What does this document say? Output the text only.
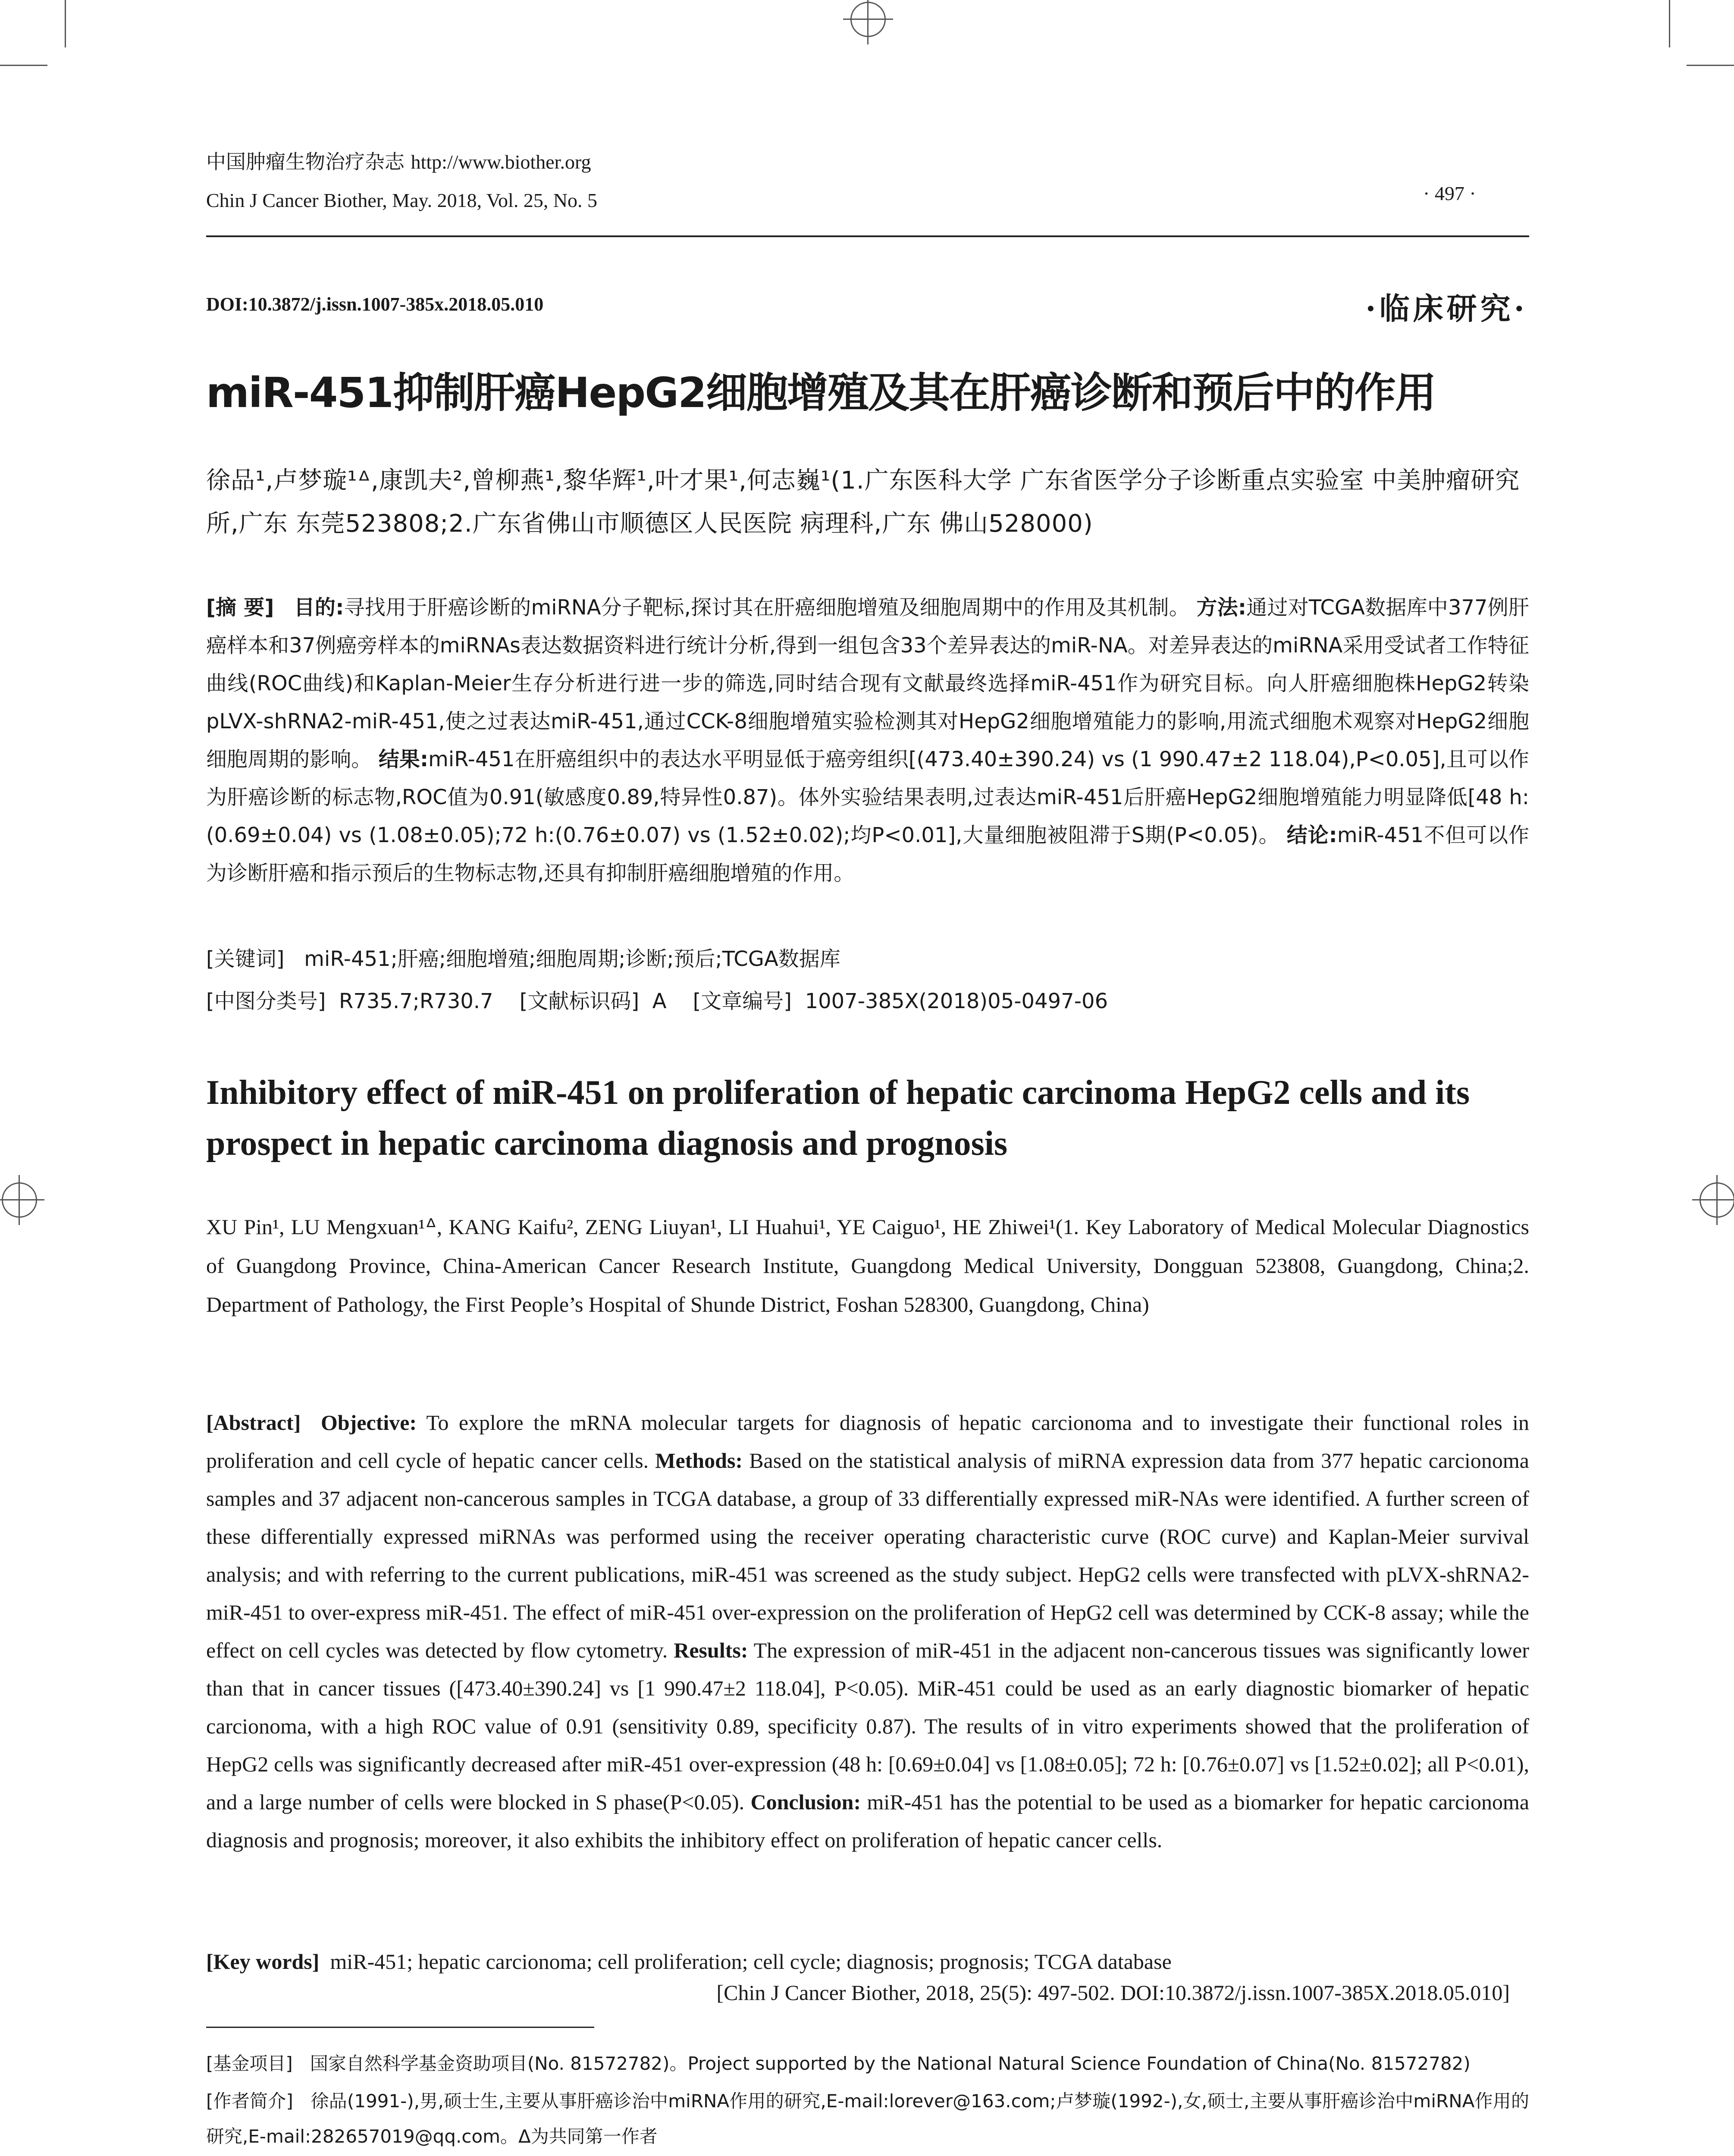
中国肿瘤生物治疗杂志 http://www.biother.org
Chin J Cancer Biother, May. 2018, Vol. 25, No. 5	· 497 ·
DOI:10.3872/j.issn.1007-385x.2018.05.010	·临床研究·
miR-451抑制肝癌HepG2细胞增殖及其在肝癌诊断和预后中的作用
徐品¹,卢梦璇¹ᐞ,康凯夫²,曾柳燕¹,黎华辉¹,叶才果¹,何志巍¹(1.广东医科大学 广东省医学分子诊断重点实验室 中美肿瘤研究所,广东 东莞523808;2.广东省佛山市顺德区人民医院 病理科,广东 佛山528000)
[摘 要] 目的:寻找用于肝癌诊断的miRNA分子靶标,探讨其在肝癌细胞增殖及细胞周期中的作用及其机制。 方法:通过对TCGA数据库中377例肝癌样本和37例癌旁样本的miRNAs表达数据资料进行统计分析,得到一组包含33个差异表达的miR-NA。对差异表达的miRNA采用受试者工作特征曲线(ROC曲线)和Kaplan-Meier生存分析进行进一步的筛选,同时结合现有文献最终选择miR-451作为研究目标。向人肝癌细胞株HepG2转染pLVX-shRNA2-miR-451,使之过表达miR-451,通过CCK-8细胞增殖实验检测其对HepG2细胞增殖能力的影响,用流式细胞术观察对HepG2细胞细胞周期的影响。 结果:miR-451在肝癌组织中的表达水平明显低于癌旁组织[(473.40±390.24) vs (1 990.47±2 118.04),P<0.05],且可以作为肝癌诊断的标志物,ROC值为0.91(敏感度0.89,特异性0.87)。体外实验结果表明,过表达miR-451后肝癌HepG2细胞增殖能力明显降低[48 h:(0.69±0.04) vs (1.08±0.05);72 h:(0.76±0.07) vs (1.52±0.02);均P<0.01],大量细胞被阻滞于S期(P<0.05)。 结论:miR-451不但可以作为诊断肝癌和指示预后的生物标志物,还具有抑制肝癌细胞增殖的作用。
[关键词] miR-451;肝癌;细胞增殖;细胞周期;诊断;预后;TCGA数据库
[中图分类号] R735.7;R730.7 [文献标识码] A [文章编号] 1007-385X(2018)05-0497-06
Inhibitory effect of miR-451 on proliferation of hepatic carcinoma HepG2 cells and its prospect in hepatic carcinoma diagnosis and prognosis
XU Pin¹, LU Mengxuan¹ᐞ, KANG Kaifu², ZENG Liuyan¹, LI Huahui¹, YE Caiguo¹, HE Zhiwei¹(1. Key Laboratory of Medical Molecular Diagnostics of Guangdong Province, China-American Cancer Research Institute, Guangdong Medical University, Dongguan 523808, Guangdong, China;2. Department of Pathology, the First People’s Hospital of Shunde District, Foshan 528300, Guangdong, China)
[Abstract] Objective: To explore the mRNA molecular targets for diagnosis of hepatic carcionoma and to investigate their functional roles in proliferation and cell cycle of hepatic cancer cells. Methods: Based on the statistical analysis of miRNA expression data from 377 hepatic carcionoma samples and 37 adjacent non-cancerous samples in TCGA database, a group of 33 differentially expressed miR-NAs were identified. A further screen of these differentially expressed miRNAs was performed using the receiver operating characteristic curve (ROC curve) and Kaplan-Meier survival analysis; and with referring to the current publications, miR-451 was screened as the study subject. HepG2 cells were transfected with pLVX-shRNA2-miR-451 to over-express miR-451. The effect of miR-451 over-expression on the proliferation of HepG2 cell was determined by CCK-8 assay; while the effect on cell cycles was detected by flow cytometry. Results: The expression of miR-451 in the adjacent non-cancerous tissues was significantly lower than that in cancer tissues ([473.40±390.24] vs [1 990.47±2 118.04], P<0.05). MiR-451 could be used as an early diagnostic biomarker of hepatic carcionoma, with a high ROC value of 0.91 (sensitivity 0.89, specificity 0.87). The results of in vitro experiments showed that the proliferation of HepG2 cells was significantly decreased after miR-451 over-expression (48 h: [0.69±0.04] vs [1.08±0.05]; 72 h: [0.76±0.07] vs [1.52±0.02]; all P<0.01), and a large number of cells were blocked in S phase(P<0.05). Conclusion: miR-451 has the potential to be used as a biomarker for hepatic carcionoma diagnosis and prognosis; moreover, it also exhibits the inhibitory effect on proliferation of hepatic cancer cells.
[Key words] miR-451; hepatic carcionoma; cell proliferation; cell cycle; diagnosis; prognosis; TCGA database
[Chin J Cancer Biother, 2018, 25(5): 497-502. DOI:10.3872/j.issn.1007-385X.2018.05.010]
[基金项目] 国家自然科学基金资助项目(No. 81572782)。Project supported by the National Natural Science Foundation of China(No. 81572782)
[作者简介] 徐品(1991-),男,硕士生,主要从事肝癌诊治中miRNA作用的研究,E-mail:lorever@163.com;卢梦璇(1992-),女,硕士,主要从事肝癌诊治中miRNA作用的研究,E-mail:282657019@qq.com。Δ为共同第一作者
